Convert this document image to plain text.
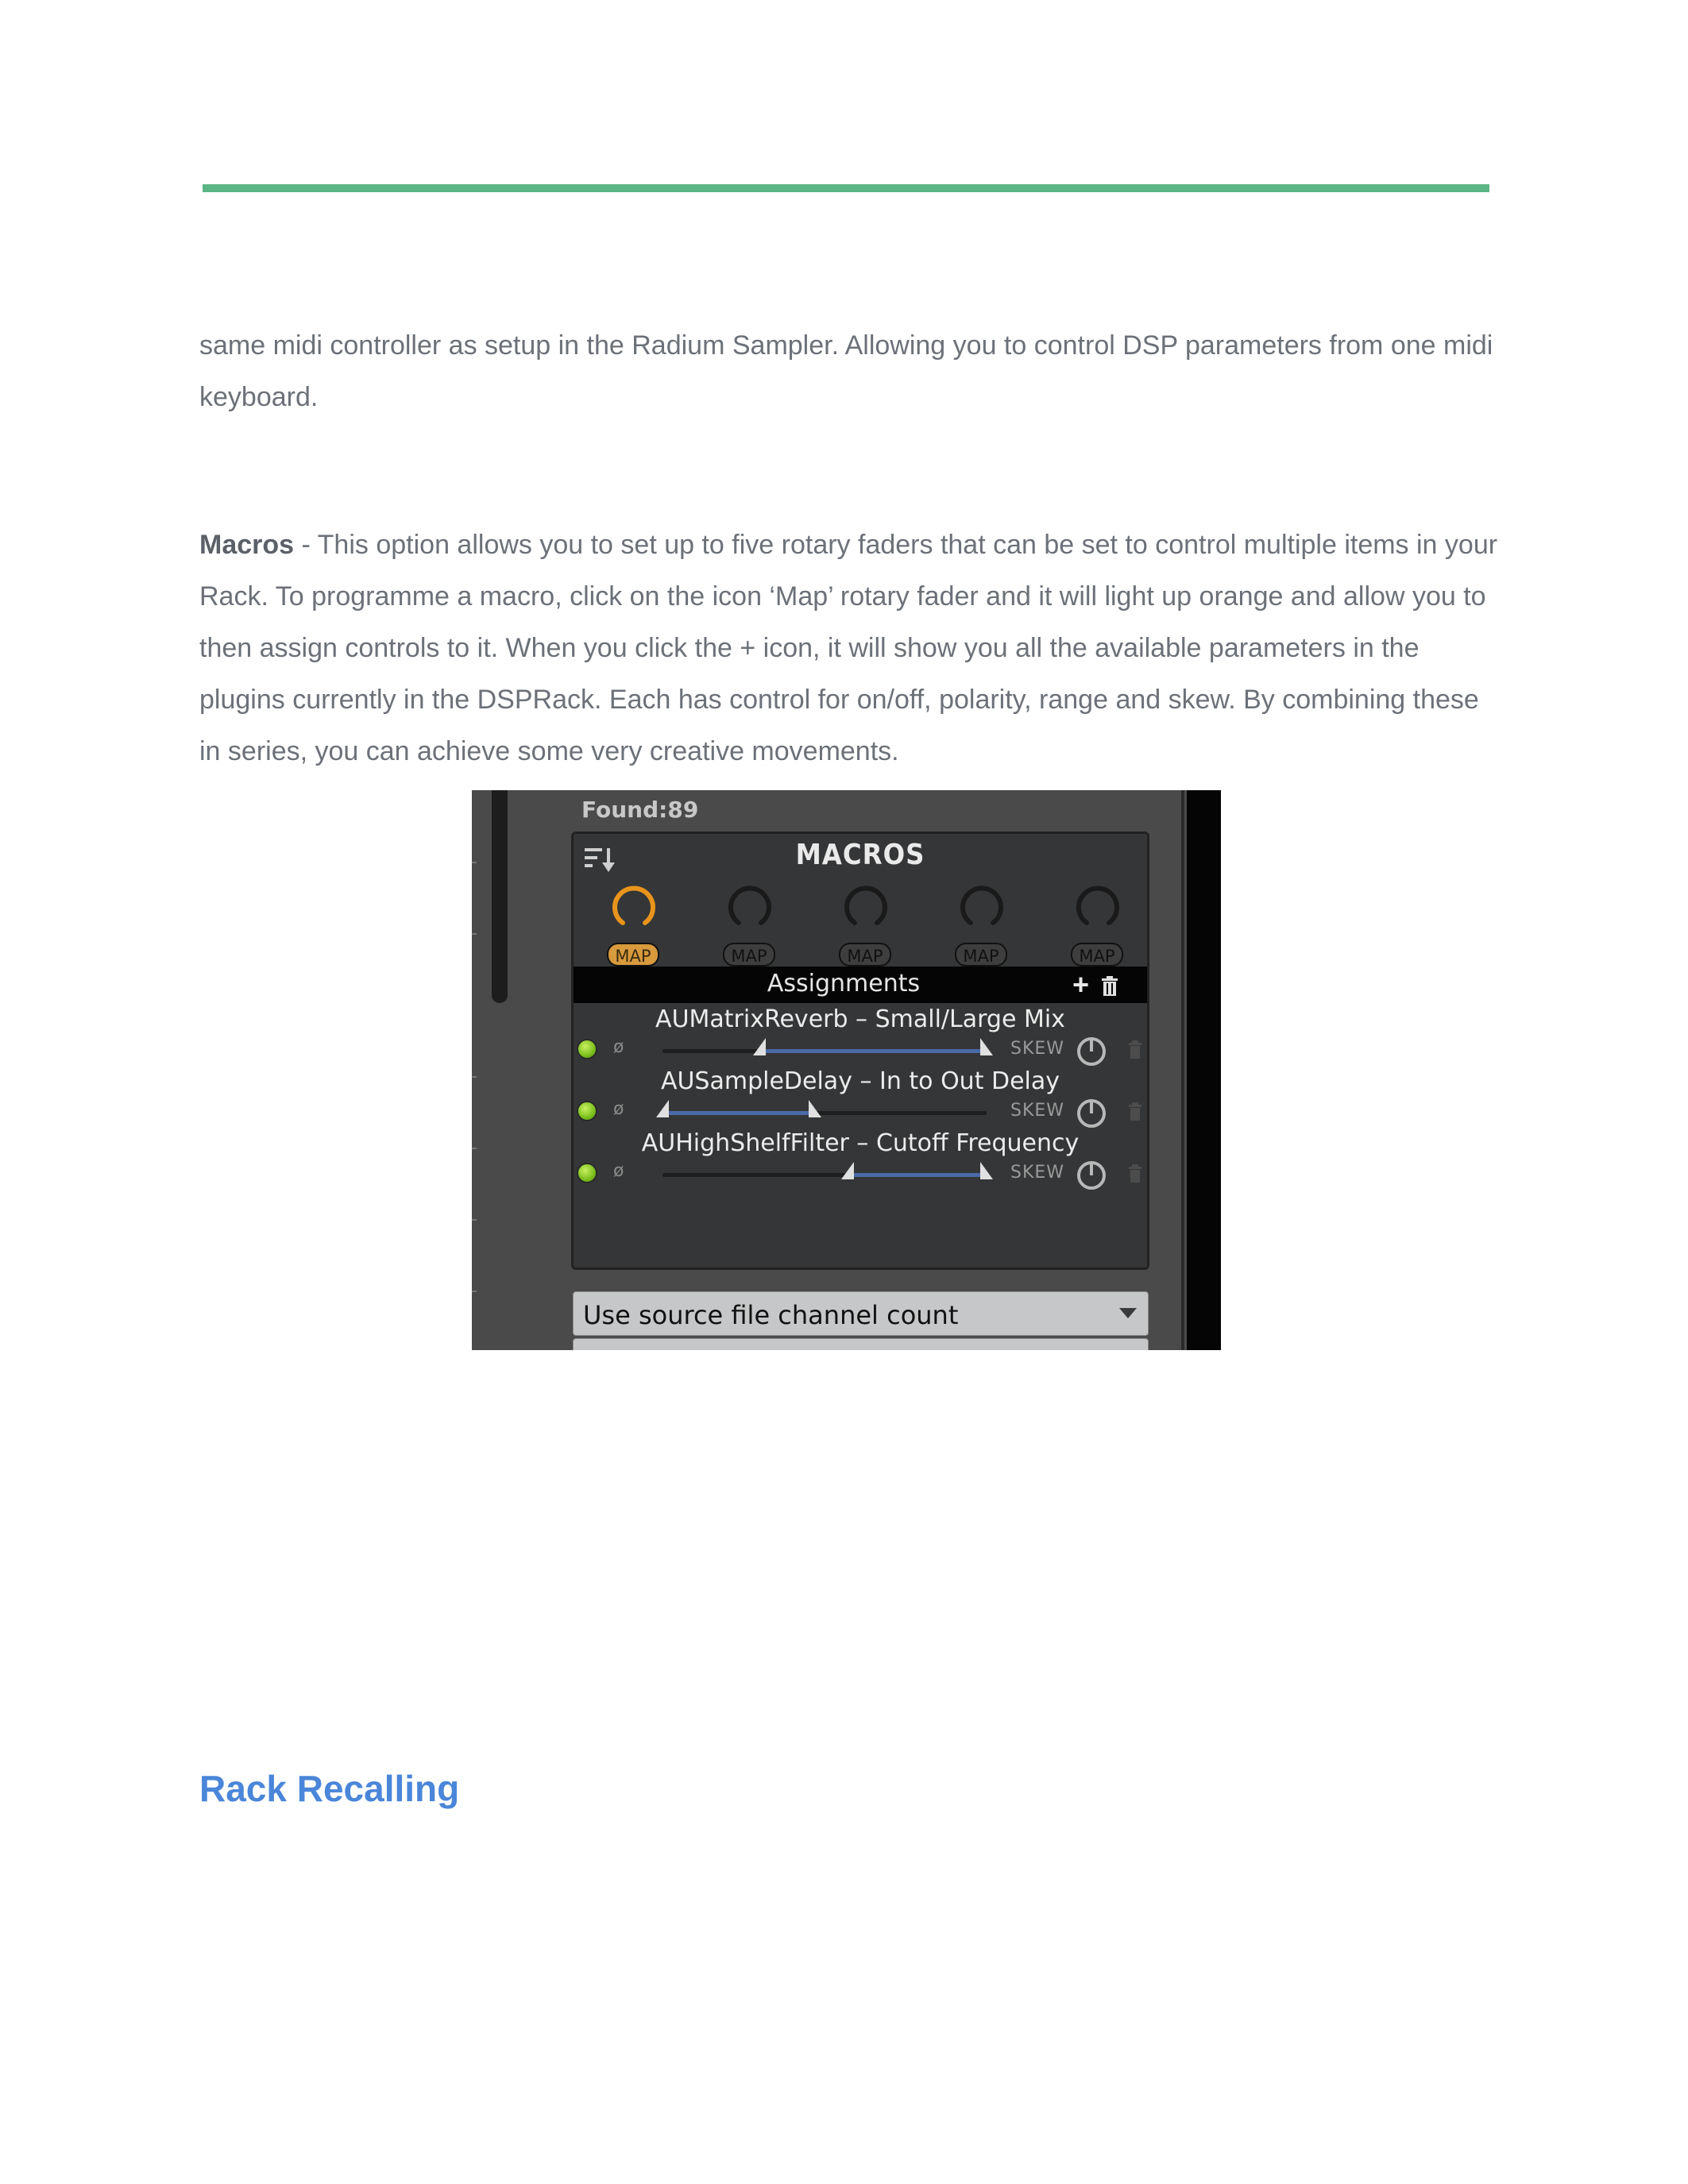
same midi controller as setup in the Radium Sampler. Allowing you to control DSP parameters from one midi keyboard.

Macros - This option allows you to set up to five rotary faders that can be set to control multiple items in your Rack. To programme a macro, click on the icon ‘Map’ rotary fader and it will light up orange and allow you to then assign controls to it. When you click the + icon, it will show you all the available parameters in the plugins currently in the DSPRack. Each has control for on/off, polarity, range and skew. By combining these in series, you can achieve some very creative movements.

Found:89
MACROS
MAP	MAP	MAP	MAP	MAP
Assignments	+
AUMatrixReverb – Small/Large Mix
ø	SKEW
AUSampleDelay – In to Out Delay
ø	SKEW
AUHighShelfFilter – Cutoff Frequency
ø	SKEW
Use source file channel count
Rack Recalling
